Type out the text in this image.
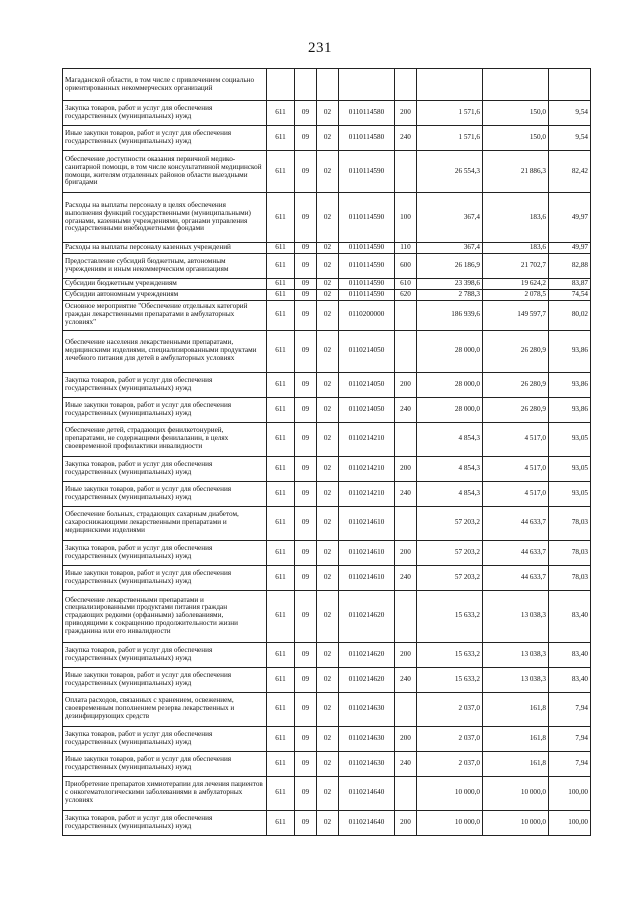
231
Магаданской области, в том числе с привлечением социально ориентированных некоммерческих организаций								
Закупка товаров, работ и услуг для обеспечения государственных (муниципальных) нужд	611	09	02	0110114580	200	1 571,6	150,0	9,54
Иные закупки товаров, работ и услуг для обеспечения государственных (муниципальных) нужд	611	09	02	0110114580	240	1 571,6	150,0	9,54
Обеспечение доступности оказания первичной медико-санитарной помощи, в том числе консультативной медицинской помощи, жителям отдаленных районов области выездными бригадами	611	09	02	0110114590		26 554,3	21 886,3	82,42
Расходы на выплаты персоналу в целях обеспечения выполнения функций государственными (муниципальными) органами, казенными учреждениями, органами управления государственными внебюджетными фондами	611	09	02	0110114590	100	367,4	183,6	49,97
Расходы на выплаты персоналу казенных учреждений	611	09	02	0110114590	110	367,4	183,6	49,97
Предоставление субсидий бюджетным, автономным учреждениям и иным некоммерческим организациям	611	09	02	0110114590	600	26 186,9	21 702,7	82,88
Субсидии бюджетным учреждениям	611	09	02	0110114590	610	23 398,6	19 624,2	83,87
Субсидии автономным учреждениям	611	09	02	0110114590	620	2 788,3	2 078,5	74,54
Основное мероприятие "Обеспечение отдельных категорий граждан лекарственными препаратами в амбулаторных условиях"	611	09	02	0110200000		186 939,6	149 597,7	80,02
Обеспечение населения лекарственными препаратами, медицинскими изделиями, специализированными продуктами лечебного питания для детей в амбулаторных условиях	611	09	02	0110214050		28 000,0	26 280,9	93,86
Закупка товаров, работ и услуг для обеспечения государственных (муниципальных) нужд	611	09	02	0110214050	200	28 000,0	26 280,9	93,86
Иные закупки товаров, работ и услуг для обеспечения государственных (муниципальных) нужд	611	09	02	0110214050	240	28 000,0	26 280,9	93,86
Обеспечение детей, страдающих фенилкетонурией, препаратами, не содержащими фенилаланин, в целях своевременной профилактики инвалидности	611	09	02	0110214210		4 854,3	4 517,0	93,05
Закупка товаров, работ и услуг для обеспечения государственных (муниципальных) нужд	611	09	02	0110214210	200	4 854,3	4 517,0	93,05
Иные закупки товаров, работ и услуг для обеспечения государственных (муниципальных) нужд	611	09	02	0110214210	240	4 854,3	4 517,0	93,05
Обеспечение больных, страдающих сахарным диабетом, сахароснижающими лекарственными препаратами и медицинскими изделиями	611	09	02	0110214610		57 203,2	44 633,7	78,03
Закупка товаров, работ и услуг для обеспечения государственных (муниципальных) нужд	611	09	02	0110214610	200	57 203,2	44 633,7	78,03
Иные закупки товаров, работ и услуг для обеспечения государственных (муниципальных) нужд	611	09	02	0110214610	240	57 203,2	44 633,7	78,03
Обеспечение лекарственными препаратами и специализированными продуктами питания граждан страдающих редкими (орфанными) заболеваниями, приводящими к сокращению продолжительности жизни гражданина или его инвалидности	611	09	02	0110214620		15 633,2	13 038,3	83,40
Закупка товаров, работ и услуг для обеспечения государственных (муниципальных) нужд	611	09	02	0110214620	200	15 633,2	13 038,3	83,40
Иные закупки товаров, работ и услуг для обеспечения государственных (муниципальных) нужд	611	09	02	0110214620	240	15 633,2	13 038,3	83,40
Оплата расходов, связанных с хранением, освежением, своевременным пополнением резерва лекарственных и дезинфицирующих средств	611	09	02	0110214630		2 037,0	161,8	7,94
Закупка товаров, работ и услуг для обеспечения государственных (муниципальных) нужд	611	09	02	0110214630	200	2 037,0	161,8	7,94
Иные закупки товаров, работ и услуг для обеспечения государственных (муниципальных) нужд	611	09	02	0110214630	240	2 037,0	161,8	7,94
Приобретение препаратов химиотерапии для лечения пациентов с онкогематологическими заболеваниями в амбулаторных условиях	611	09	02	0110214640		10 000,0	10 000,0	100,00
Закупка товаров, работ и услуг для обеспечения государственных (муниципальных) нужд	611	09	02	0110214640	200	10 000,0	10 000,0	100,00
